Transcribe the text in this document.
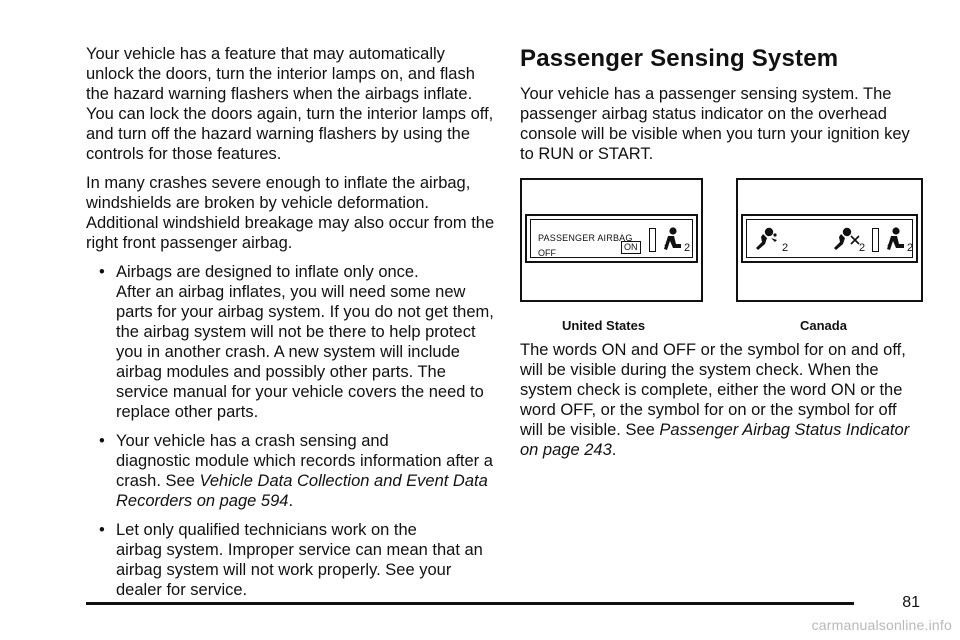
Your vehicle has a feature that may automatically unlock the doors, turn the interior lamps on, and flash the hazard warning flashers when the airbags inflate. You can lock the doors again, turn the interior lamps off, and turn off the hazard warning flashers by using the controls for those features.

In many crashes severe enough to inflate the airbag, windshields are broken by vehicle deformation. Additional windshield breakage may also occur from the right front passenger airbag.

• Airbags are designed to inflate only once.
After an airbag inflates, you will need some new parts for your airbag system. If you do not get them, the airbag system will not be there to help protect you in another crash. A new system will include airbag modules and possibly other parts. The service manual for your vehicle covers the need to replace other parts.
• Your vehicle has a crash sensing and
diagnostic module which records information after a crash. See Vehicle Data Collection and Event Data Recorders on page 594.
• Let only qualified technicians work on the
airbag system. Improper service can mean that an airbag system will not work properly. See your dealer for service.
Passenger Sensing System

Your vehicle has a passenger sensing system. The passenger airbag status indicator on the overhead console will be visible when you turn your ignition key to RUN or START.

PASSENGER AIRBAG
OFF
ON	2
United States
2	2	2
Canada

The words ON and OFF or the symbol for on and off, will be visible during the system check. When the system check is complete, either the word ON or the word OFF, or the symbol for on or the symbol for off will be visible. See Passenger Airbag Status Indicator on page 243.

81
carmanualsonline.info
